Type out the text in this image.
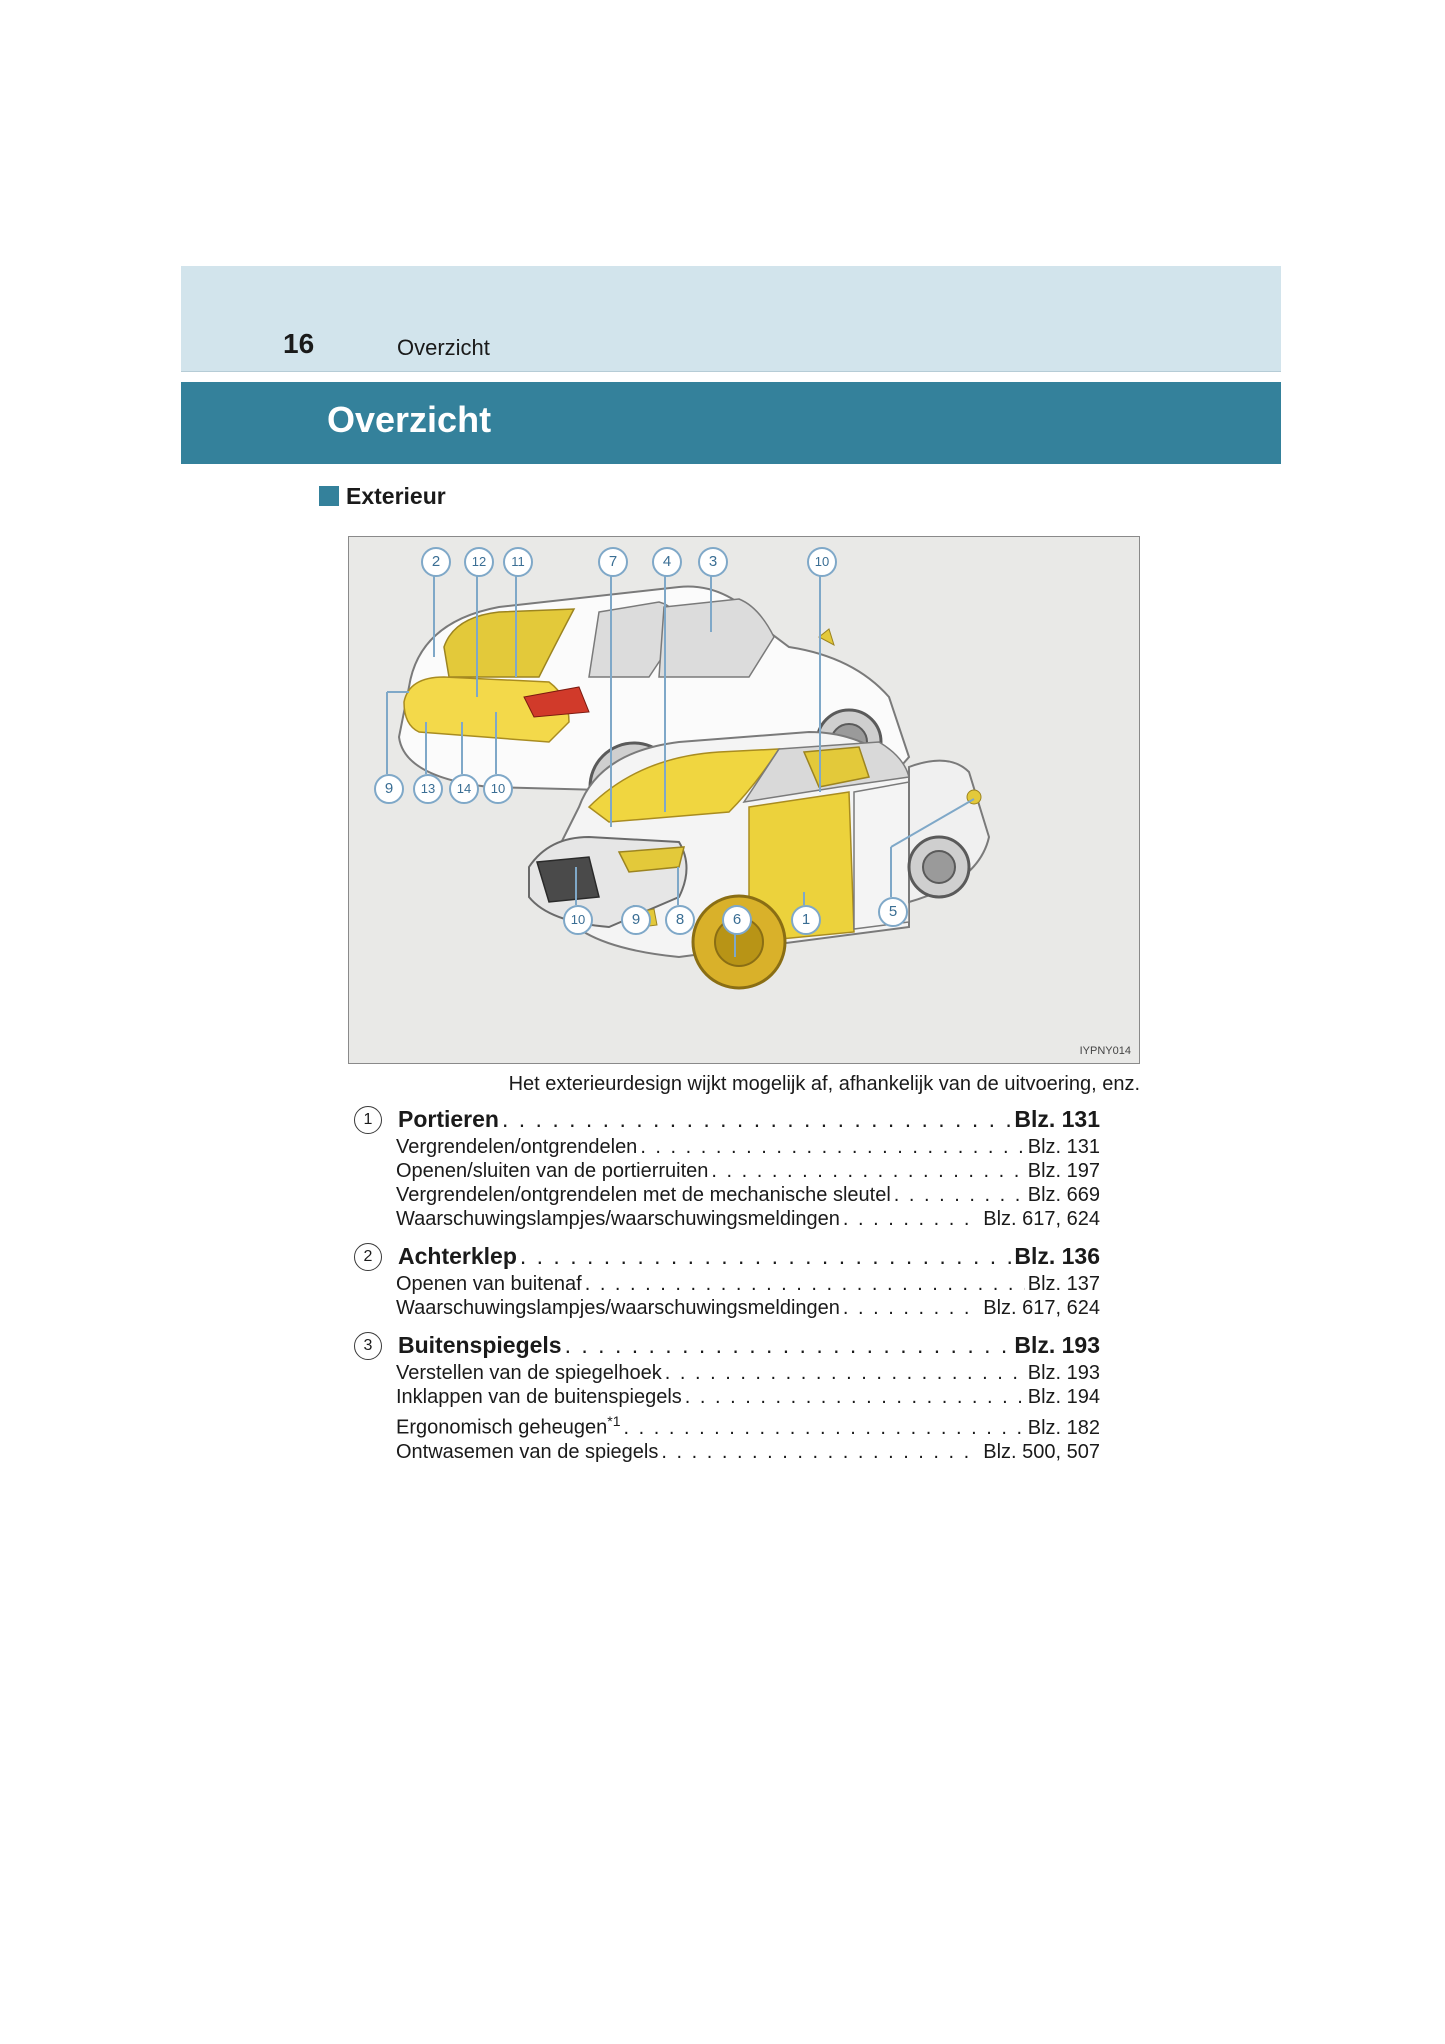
16	Overzicht
Overzicht
Exterieur
2	12	11	7	4	3	10
9	13	14	10
10	9	8	6	1	5
IYPNY014
Het exterieurdesign wijkt mogelijk af, afhankelijk van de uitvoering, enz.
1	Portieren . . .	Blz. 131
Vergrendelen/ontgrendelen . . .	Blz. 131
Openen/sluiten van de portierruiten . . .	Blz. 197
Vergrendelen/ontgrendelen met de mechanische sleutel . . .	Blz. 669
Waarschuwingslampjes/waarschuwingsmeldingen . . .	Blz. 617, 624
2	Achterklep . . .	Blz. 136
Openen van buitenaf . . .	Blz. 137
Waarschuwingslampjes/waarschuwingsmeldingen . . .	Blz. 617, 624
3	Buitenspiegels . . .	Blz. 193
Verstellen van de spiegelhoek . . .	Blz. 193
Inklappen van de buitenspiegels . . .	Blz. 194
Ergonomisch geheugen$^{*1}$ . . .	Blz. 182
Ontwasemen van de spiegels . . .	Blz. 500, 507
